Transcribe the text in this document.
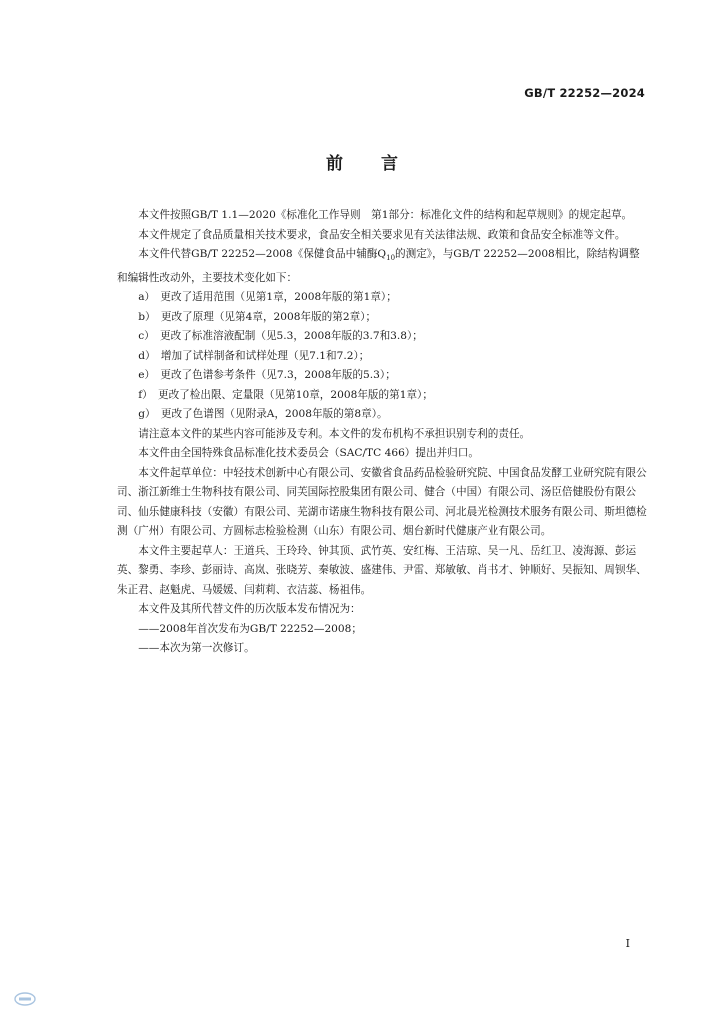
GB/T 22252—2024
前言

本文件按照GB/T 1.1—2020《标准化工作导则　第1部分：标准化文件的结构和起草规则》的规定起草。

本文件规定了食品质量相关技术要求，食品安全相关要求见有关法律法规、政策和食品安全标准等文件。

本文件代替GB/T 22252—2008《保健食品中辅酶$Q_{10}$的测定》，与GB/T 22252—2008相比，除结构调整和编辑性改动外，主要技术变化如下：

a）　更改了适用范围（见第1章，2008年版的第1章）；

b）　更改了原理（见第4章，2008年版的第2章）；

c）　更改了标准溶液配制（见5.3，2008年版的3.7和3.8）；

d）　增加了试样制备和试样处理（见7.1和7.2）；

e）　更改了色谱参考条件（见7.3，2008年版的5.3）；

f）　更改了检出限、定量限（见第10章，2008年版的第1章）；

g）　更改了色谱图（见附录A，2008年版的第8章）。

请注意本文件的某些内容可能涉及专利。本文件的发布机构不承担识别专利的责任。

本文件由全国特殊食品标准化技术委员会（SAC/TC 466）提出并归口。

本文件起草单位：中轻技术创新中心有限公司、安徽省食品药品检验研究院、中国食品发酵工业研究院有限公司、浙江新维士生物科技有限公司、同芙国际控股集团有限公司、健合（中国）有限公司、汤臣倍健股份有限公司、仙乐健康科技（安徽）有限公司、芜湖市诺康生物科技有限公司、河北晨光检测技术服务有限公司、斯坦德检测（广州）有限公司、方圆标志检验检测（山东）有限公司、烟台新时代健康产业有限公司。

本文件主要起草人：王道兵、王玲玲、钟其顶、武竹英、安红梅、王洁琼、吴一凡、岳红卫、凌海源、彭运英、黎勇、李珍、彭丽诗、高岚、张晓芳、秦敏波、盛建伟、尹雷、郑敏敏、肖书才、钟顺好、吴振知、周钡华、朱正君、赵魁虎、马媛媛、闫莉莉、衣洁蕊、杨祖伟。

本文件及其所代替文件的历次版本发布情况为：

——2008年首次发布为GB/T 22252—2008；

——本次为第一次修订。

I
